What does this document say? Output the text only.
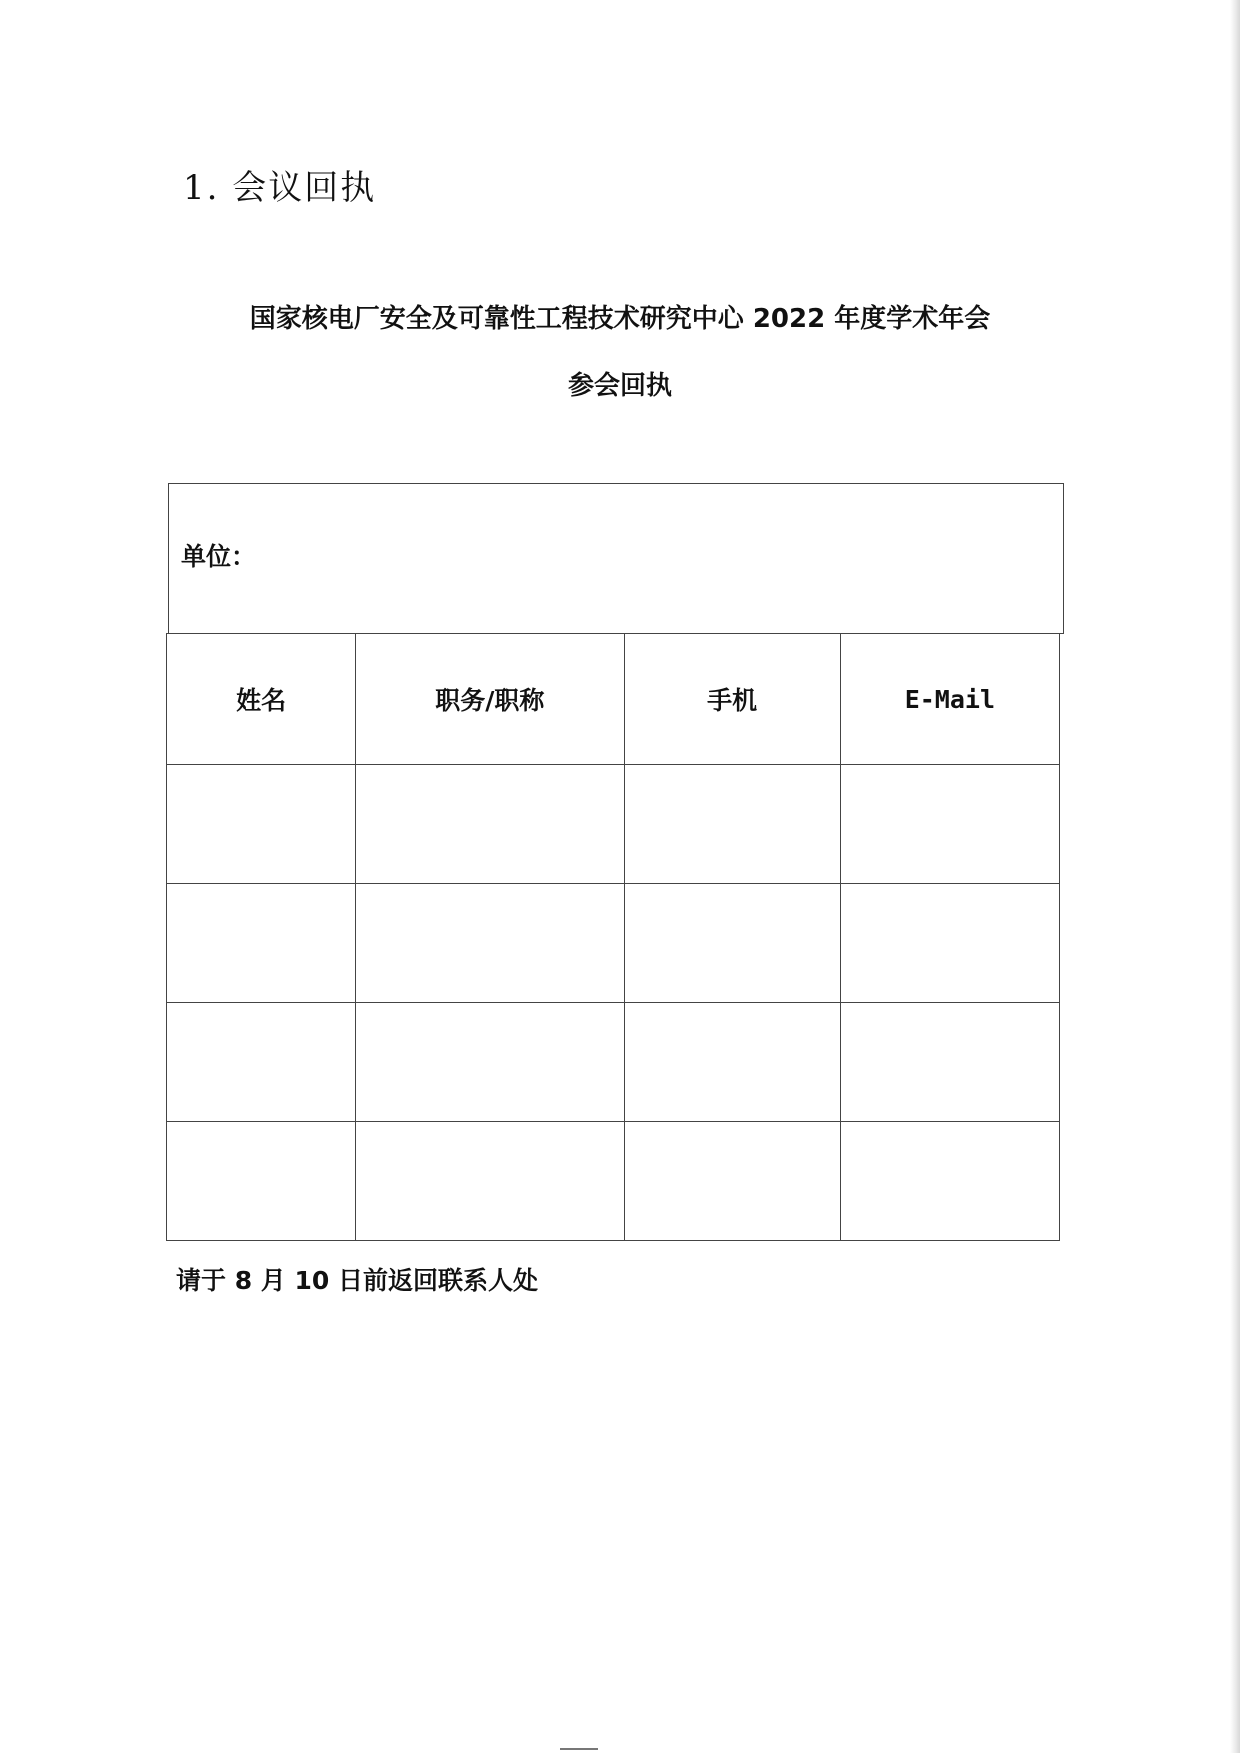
1. 会议回执
国家核电厂安全及可靠性工程技术研究中心 2022 年度学术年会
参会回执
单位：
姓名	职务/职称	手机	E-Mail

请于 8 月 10 日前返回联系人处
